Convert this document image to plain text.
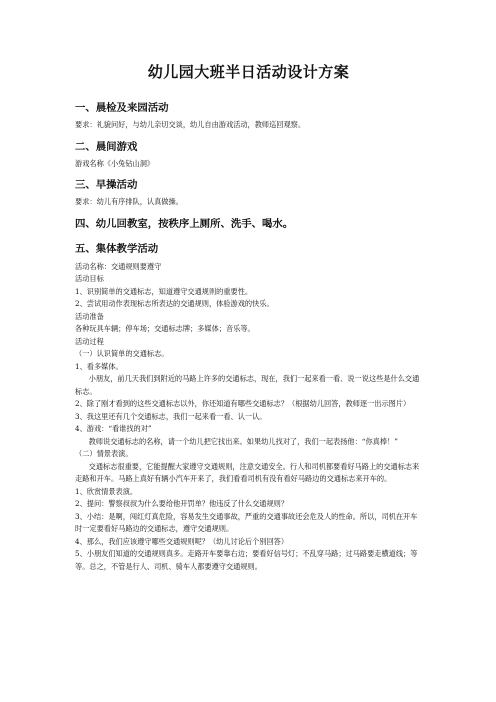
幼儿园大班半日活动设计方案
一、晨检及来园活动
要求：礼貌问好，与幼儿亲切交谈，幼儿自由游戏活动，教师巡回观察。
二、晨间游戏
游戏名称《小兔钻山洞》
三、早操活动
要求：幼儿有序排队，认真做操。
四、幼儿回教室，按秩序上厕所、洗手、喝水。
五、集体教学活动
活动名称：交通规则要遵守
活动目标
1、识别简单的交通标志，知道遵守交通规则的重要性。
2、尝试用动作表现标志所表达的交通规则，体验游戏的快乐。
活动准备
各种玩具车辆；停车场；交通标志牌；多媒体；音乐等。
活动过程
（一）认识简单的交通标志。
1、看多媒体。
小朋友，前几天我们到附近的马路上许多的交通标志，现在，我们一起来看一看、说一说这些是什么交通标志。
2、除了刚才看到的这些交通标志以外，你还知道有哪些交通标志？（根据幼儿回答，教师逐一出示图片）
3、我这里还有几个交通标志，我们一起来看一看、认一认。
4、游戏：“看谁找的对”
教师说交通标志的名称，请一个幼儿把它找出来。如果幼儿找对了，我们一起表扬他：“你真棒！”
（二）情景表演。
交通标志很重要，它能提醒大家遵守交通规则，注意交通安全。行人和司机都要看好马路上的交通标志来走路和开车。马路上真好有辆小汽车开来了，我们看看司机有没有看好马路边的交通标志来开车的。
1、欣赏情景表演。
2、提问：警察叔叔为什么要给他开罚单？他违反了什么交通规则？
3、小结：是啊，闯红灯真危险，容易发生交通事故，严重的交通事故还会危及人的性命。所以，司机在开车时一定要看好马路边的交通标志，遵守交通规则。
4、那么，我们应该遵守哪些交通规则呢？（幼儿讨论后个别回答）
5、小朋友们知道的交通规则真多。走路开车要靠右边；要看好信号灯；不乱穿马路；过马路要走横道线；等等。总之，不管是行人、司机、骑车人都要遵守交通规则。
